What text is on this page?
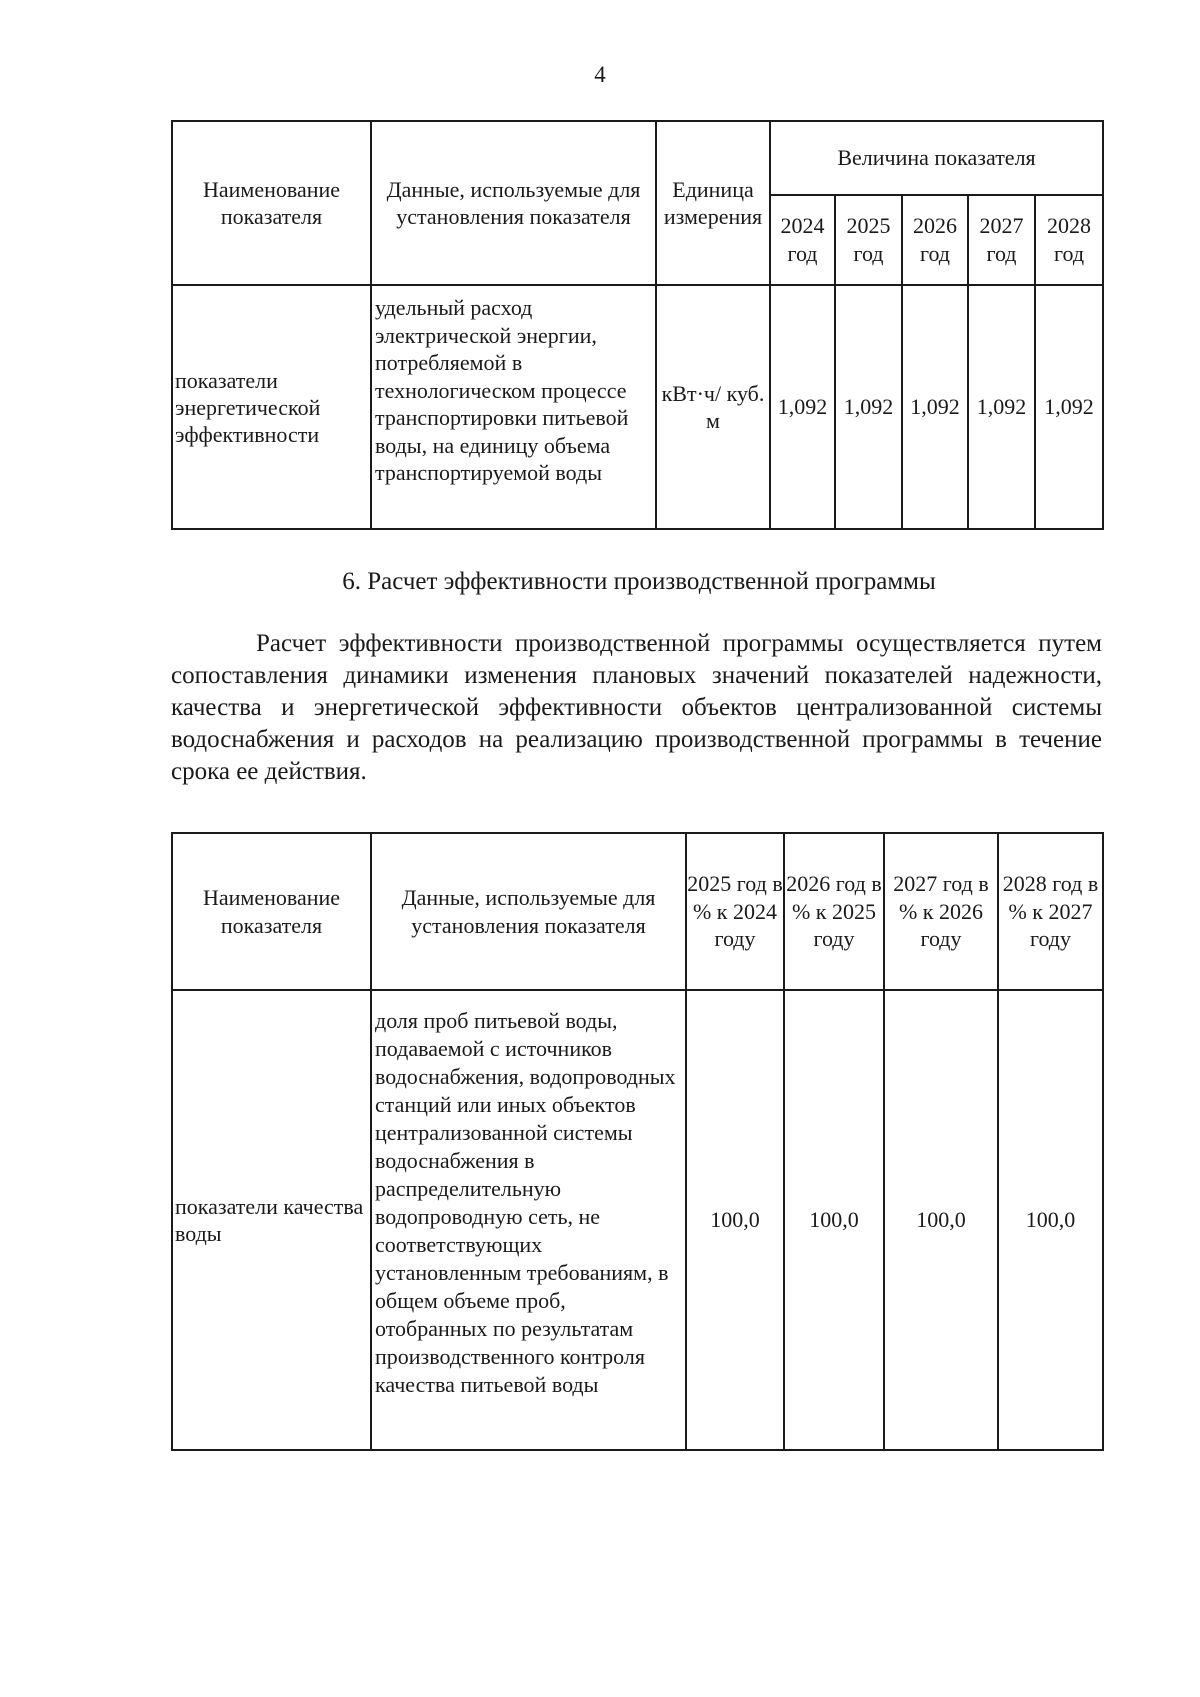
4
Наименование показателя	Данные, используемые для установления показателя	Единица измерения	Величина показателя				
			2024 год	2025 год	2026 год	2027 год	2028 год
показатели энергетической эффективности	удельный расход электрической энергии, потребляемой в технологическом процессе транспортировки питьевой воды, на единицу объема транспортируемой воды	кВт·ч/ куб. м	1,092	1,092	1,092	1,092	1,092
6. Расчет эффективности производственной программы
Расчет эффективности производственной программы осуществляется путем сопоставления динамики изменения плановых значений показателей надежности, качества и энергетической эффективности объектов централизованной системы водоснабжения и расходов на реализацию производственной программы в течение срока ее действия.
Наименование показателя	Данные, используемые для установления показателя	2025 год в % к 2024 году	2026 год в % к 2025 году	2027 год в % к 2026 году	2028 год в % к 2027 году
показатели качества воды	доля проб питьевой воды, подаваемой с источников водоснабжения, водопроводных станций или иных объектов централизованной системы водоснабжения в распределительную водопроводную сеть, не соответствующих установленным требованиям, в общем объеме проб, отобранных по результатам производственного контроля качества питьевой воды	100,0	100,0	100,0	100,0
